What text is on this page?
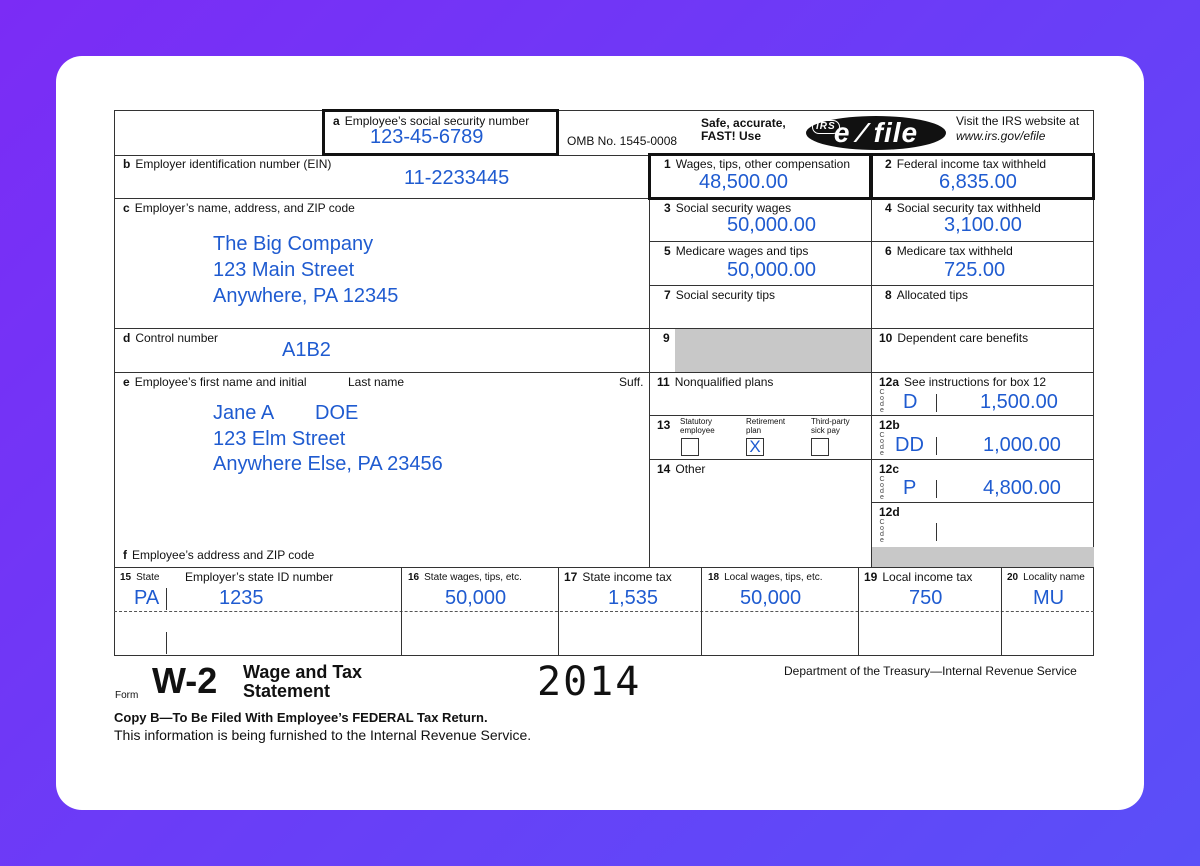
a Employee’s social security number
123-45-6789	OMB No. 1545-0008
Safe, accurate,
FAST! Use
IRS
e ⁄ file	Visit the IRS website at
www.irs.gov/efile
b Employer identification number (EIN)
11-2233445
1 Wages, tips, other compensation
48,500.00
2 Federal income tax withheld
6,835.00
c Employer’s name, address, and ZIP code
The Big Company
123 Main Street
Anywhere, PA 12345
3 Social security wages
50,000.00
4 Social security tax withheld
3,100.00
5 Medicare wages and tips
50,000.00
6 Medicare tax withheld
725.00
7 Social security tips	8 Allocated tips
d Control number
A1B2
9	10 Dependent care benefits
e Employee’s first name and initial	Last name	Suff.
Jane A DOE
123 Elm Street
Anywhere Else, PA 23456
f Employee’s address and ZIP code
11 Nonqualified plans
13 Statutory employee
Retirement plan
Third-party sick pay
X
14 Other
12a See instructions for box 12
C
o
d
e D	1,500.00
12b
C
o
d
e DD	1,000.00
12c
C
o
d
e P	4,800.00
12d
C
o
d
e
15 State Employer’s state ID number
PA	1235
16 State wages, tips, etc.
50,000
17 State income tax
1,535
18 Local wages, tips, etc.
50,000
19 Local income tax
750
20 Locality name
MU
Form W-2 Wage and Tax
Statement	2014	Department of the Treasury—Internal Revenue Service
Copy B—To Be Filed With Employee’s FEDERAL Tax Return.
This information is being furnished to the Internal Revenue Service.
